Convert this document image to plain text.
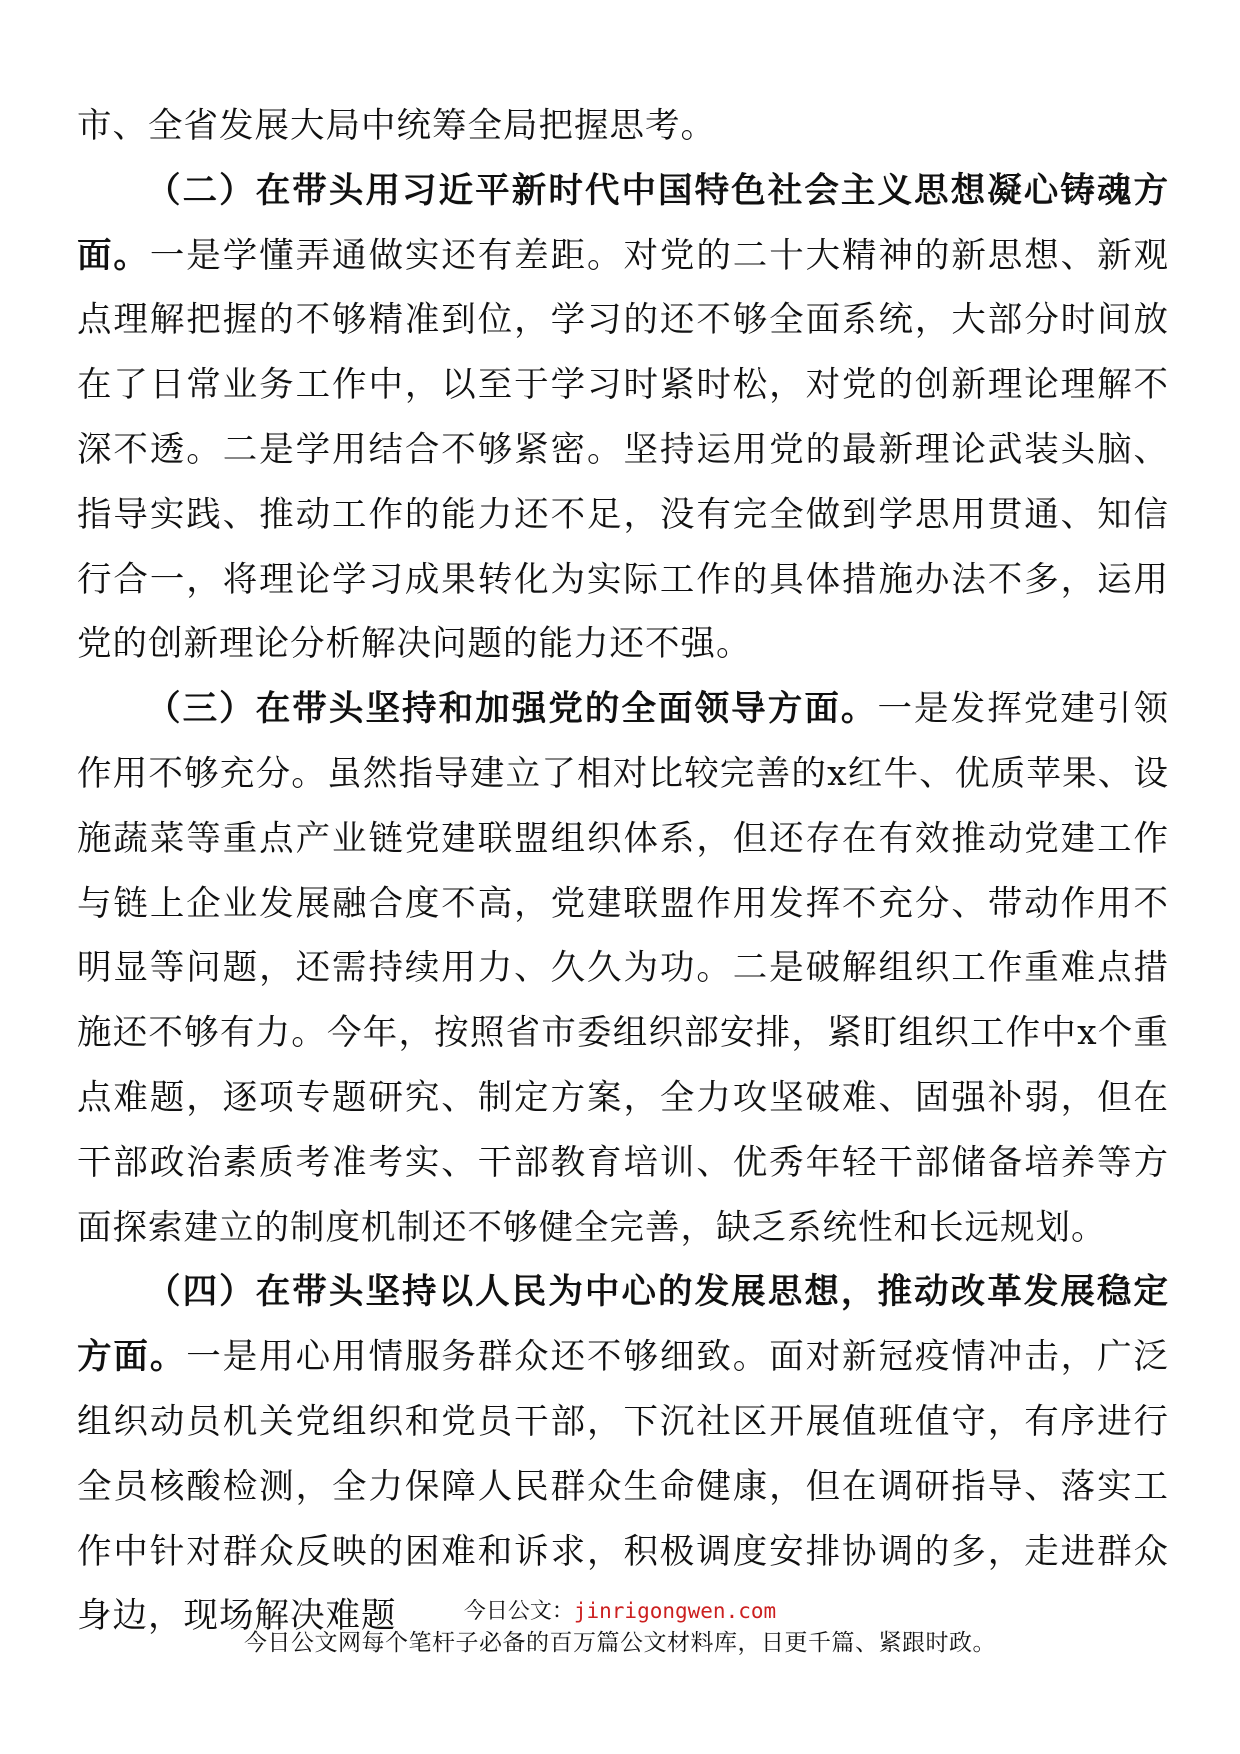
市、全省发展大局中统筹全局把握思考。

（二）在带头用习近平新时代中国特色社会主义思想凝心铸魂方面。一是学懂弄通做实还有差距。对党的二十大精神的新思想、新观点理解把握的不够精准到位，学习的还不够全面系统，大部分时间放在了日常业务工作中，以至于学习时紧时松，对党的创新理论理解不深不透。二是学用结合不够紧密。坚持运用党的最新理论武装头脑、指导实践、推动工作的能力还不足，没有完全做到学思用贯通、知信行合一，将理论学习成果转化为实际工作的具体措施办法不多，运用党的创新理论分析解决问题的能力还不强。

（三）在带头坚持和加强党的全面领导方面。一是发挥党建引领作用不够充分。虽然指导建立了相对比较完善的x红牛、优质苹果、设施蔬菜等重点产业链党建联盟组织体系，但还存在有效推动党建工作与链上企业发展融合度不高，党建联盟作用发挥不充分、带动作用不明显等问题，还需持续用力、久久为功。二是破解组织工作重难点措施还不够有力。今年，按照省市委组织部安排，紧盯组织工作中x个重点难题，逐项专题研究、制定方案，全力攻坚破难、固强补弱，但在干部政治素质考准考实、干部教育培训、优秀年轻干部储备培养等方面探索建立的制度机制还不够健全完善，缺乏系统性和长远规划。

（四）在带头坚持以人民为中心的发展思想，推动改革发展稳定方面。一是用心用情服务群众还不够细致。面对新冠疫情冲击，广泛组织动员机关党组织和党员干部，下沉社区开展值班值守，有序进行全员核酸检测，全力保障人民群众生命健康，但在调研指导、落实工作中针对群众反映的困难和诉求，积极调度安排协调的多，走进群众身边，现场解决难题	今日公文：jinrigongwen.com
今日公文网每个笔杆子必备的百万篇公文材料库，日更千篇、紧跟时政。
